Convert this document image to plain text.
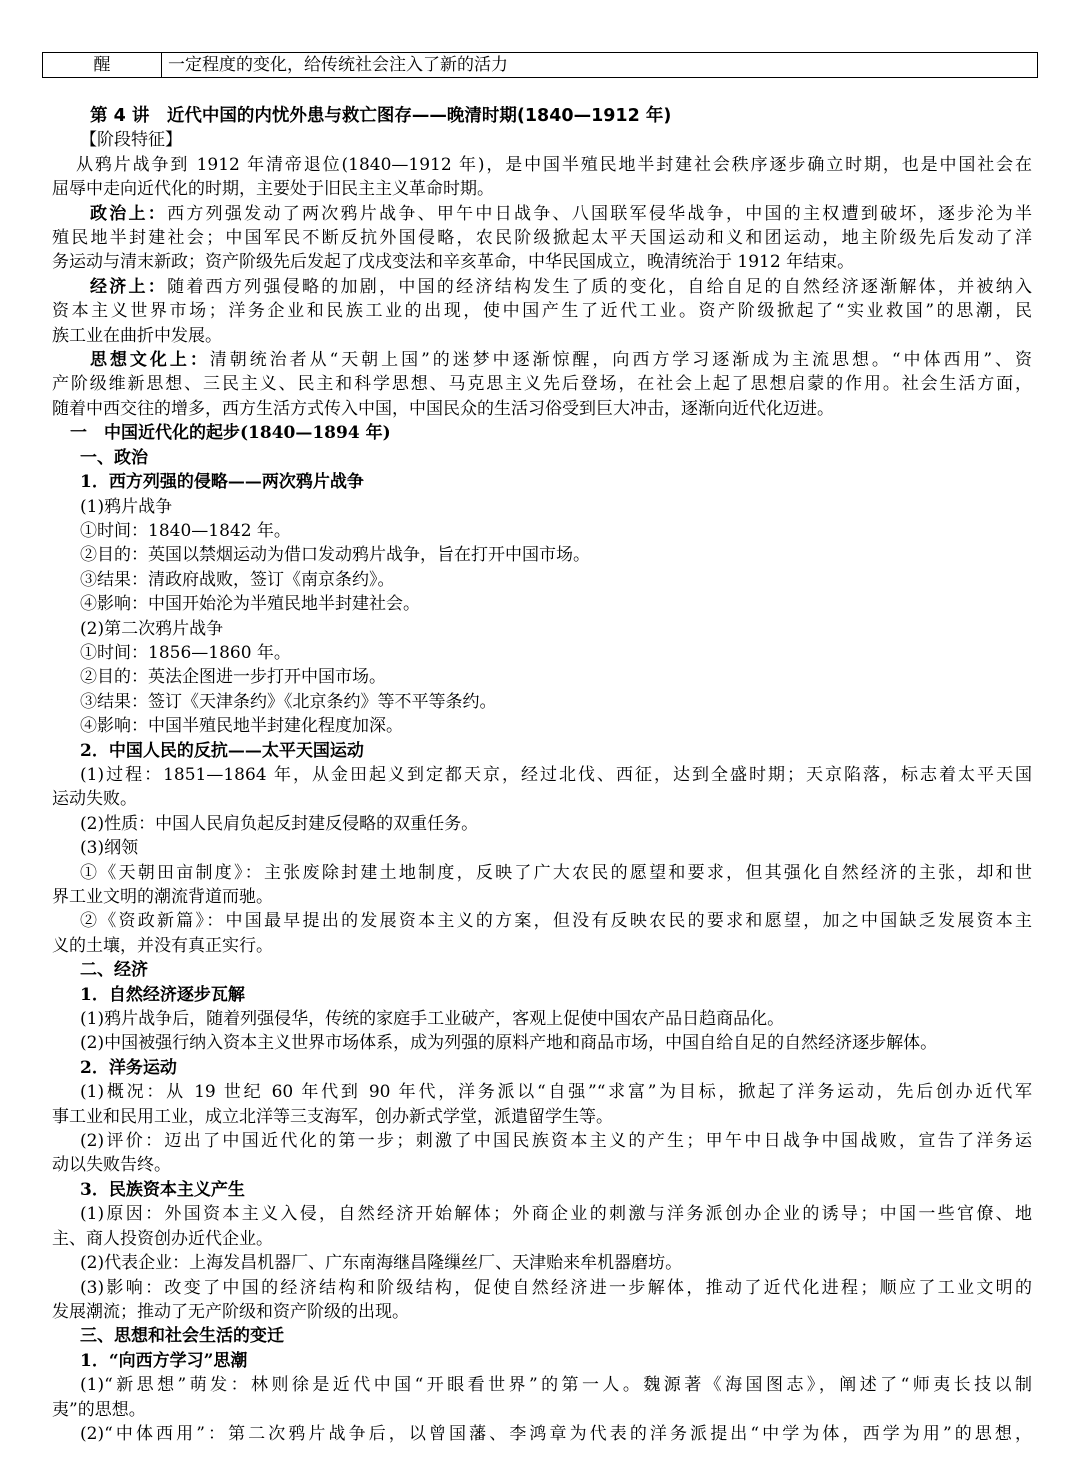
醒	一定程度的变化，给传统社会注入了新的活力
第 4 讲　近代中国的内忧外患与救亡图存——晚清时期(1840—1912 年)
【阶段特征】
从鸦片战争到 1912 年清帝退位(1840—1912 年)，是中国半殖民地半封建社会秩序逐步确立时期，也是中国社会在
屈辱中走向近代化的时期，主要处于旧民主主义革命时期。
政治上：西方列强发动了两次鸦片战争、甲午中日战争、八国联军侵华战争，中国的主权遭到破坏，逐步沦为半
殖民地半封建社会；中国军民不断反抗外国侵略，农民阶级掀起太平天国运动和义和团运动，地主阶级先后发动了洋
务运动与清末新政；资产阶级先后发起了戊戌变法和辛亥革命，中华民国成立，晚清统治于 1912 年结束。
经济上：随着西方列强侵略的加剧，中国的经济结构发生了质的变化，自给自足的自然经济逐渐解体，并被纳入
资本主义世界市场；洋务企业和民族工业的出现，使中国产生了近代工业。资产阶级掀起了“实业救国”的思潮，民
族工业在曲折中发展。
思想文化上：清朝统治者从“天朝上国”的迷梦中逐渐惊醒，向西方学习逐渐成为主流思想。“中体西用”、资
产阶级维新思想、三民主义、民主和科学思想、马克思主义先后登场，在社会上起了思想启蒙的作用。社会生活方面，
随着中西交往的增多，西方生活方式传入中国，中国民众的生活习俗受到巨大冲击，逐渐向近代化迈进。
一　中国近代化的起步(1840—1894 年)
一、政治
1．西方列强的侵略——两次鸦片战争
(1)鸦片战争
①时间：1840—1842 年。
②目的：英国以禁烟运动为借口发动鸦片战争，旨在打开中国市场。
③结果：清政府战败，签订《南京条约》。
④影响：中国开始沦为半殖民地半封建社会。
(2)第二次鸦片战争
①时间：1856—1860 年。
②目的：英法企图进一步打开中国市场。
③结果：签订《天津条约》《北京条约》等不平等条约。
④影响：中国半殖民地半封建化程度加深。
2．中国人民的反抗——太平天国运动
(1)过程：1851—1864 年，从金田起义到定都天京，经过北伐、西征，达到全盛时期；天京陷落，标志着太平天国
运动失败。
(2)性质：中国人民肩负起反封建反侵略的双重任务。
(3)纲领
①《天朝田亩制度》：主张废除封建土地制度，反映了广大农民的愿望和要求，但其强化自然经济的主张，却和世
界工业文明的潮流背道而驰。
②《资政新篇》：中国最早提出的发展资本主义的方案，但没有反映农民的要求和愿望，加之中国缺乏发展资本主
义的土壤，并没有真正实行。
二、经济
1．自然经济逐步瓦解
(1)鸦片战争后，随着列强侵华，传统的家庭手工业破产，客观上促使中国农产品日趋商品化。
(2)中国被强行纳入资本主义世界市场体系，成为列强的原料产地和商品市场，中国自给自足的自然经济逐步解体。
2．洋务运动
(1)概况：从 19 世纪 60 年代到 90 年代，洋务派以“自强”“求富”为目标，掀起了洋务运动，先后创办近代军
事工业和民用工业，成立北洋等三支海军，创办新式学堂，派遣留学生等。
(2)评价：迈出了中国近代化的第一步；刺激了中国民族资本主义的产生；甲午中日战争中国战败，宣告了洋务运
动以失败告终。
3．民族资本主义产生
(1)原因：外国资本主义入侵，自然经济开始解体；外商企业的刺激与洋务派创办企业的诱导；中国一些官僚、地
主、商人投资创办近代企业。
(2)代表企业：上海发昌机器厂、广东南海继昌隆缫丝厂、天津贻来牟机器磨坊。
(3)影响：改变了中国的经济结构和阶级结构，促使自然经济进一步解体，推动了近代化进程；顺应了工业文明的
发展潮流；推动了无产阶级和资产阶级的出现。
三、思想和社会生活的变迁
1．“向西方学习”思潮
(1)“新思想”萌发：林则徐是近代中国“开眼看世界”的第一人。魏源著《海国图志》，阐述了“师夷长技以制
夷”的思想。
(2)“中体西用”：第二次鸦片战争后，以曾国藩、李鸿章为代表的洋务派提出“中学为体，西学为用”的思想，
